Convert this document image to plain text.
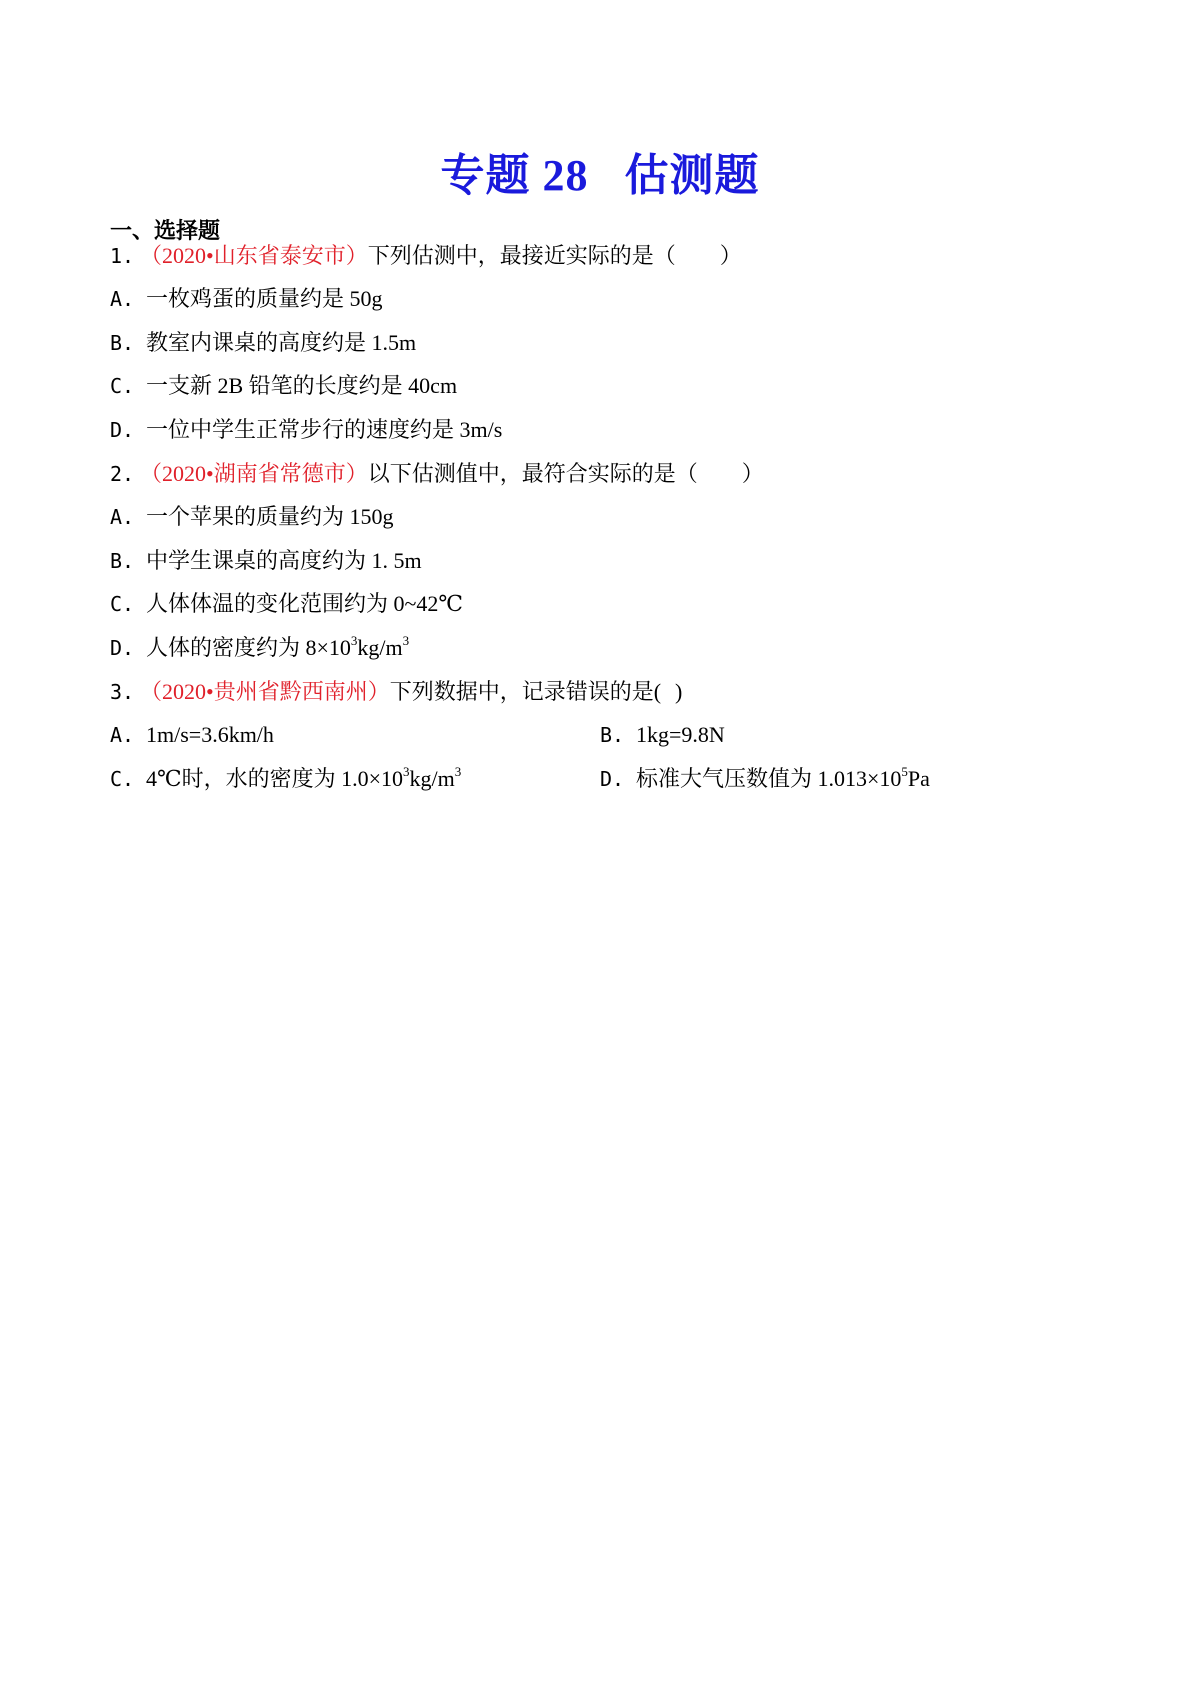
专题 28 估测题
一、选择题
1. （2020•山东省泰安市）下列估测中，最接近实际的是（ ）
A. 一枚鸡蛋的质量约是 50g
B. 教室内课桌的高度约是 1.5m
C. 一支新 2B 铅笔的长度约是 40cm
D. 一位中学生正常步行的速度约是 3m/s
2. （2020•湖南省常德市）以下估测值中，最符合实际的是（ ）
A. 一个苹果的质量约为 150g
B. 中学生课桌的高度约为 1. 5m
C. 人体体温的变化范围约为 0~42℃
D. 人体的密度约为 $8\times 10^3kg/m^3$
3. （2020•贵州省黔西南州）下列数据中，记录错误的是( )
A. 1m/s=3.6km/h	B. 1kg=9.8N
C. 4℃时，水的密度为 $1.0\times 10^3kg/m^3$	D. 标准大气压数值为 $1.013\times 10^5Pa$
